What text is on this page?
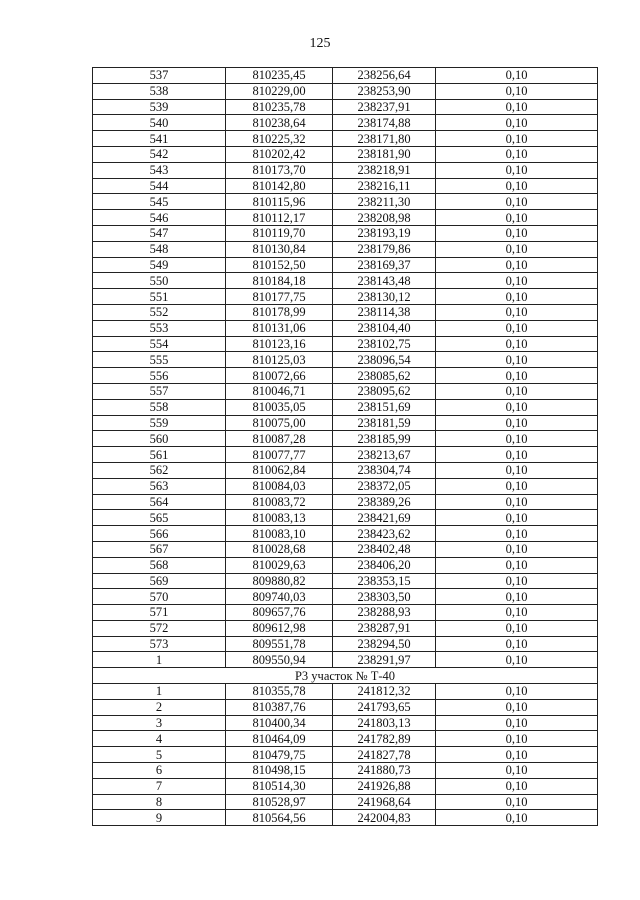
125
537	810235,45	238256,64	0,10
538	810229,00	238253,90	0,10
539	810235,78	238237,91	0,10
540	810238,64	238174,88	0,10
541	810225,32	238171,80	0,10
542	810202,42	238181,90	0,10
543	810173,70	238218,91	0,10
544	810142,80	238216,11	0,10
545	810115,96	238211,30	0,10
546	810112,17	238208,98	0,10
547	810119,70	238193,19	0,10
548	810130,84	238179,86	0,10
549	810152,50	238169,37	0,10
550	810184,18	238143,48	0,10
551	810177,75	238130,12	0,10
552	810178,99	238114,38	0,10
553	810131,06	238104,40	0,10
554	810123,16	238102,75	0,10
555	810125,03	238096,54	0,10
556	810072,66	238085,62	0,10
557	810046,71	238095,62	0,10
558	810035,05	238151,69	0,10
559	810075,00	238181,59	0,10
560	810087,28	238185,99	0,10
561	810077,77	238213,67	0,10
562	810062,84	238304,74	0,10
563	810084,03	238372,05	0,10
564	810083,72	238389,26	0,10
565	810083,13	238421,69	0,10
566	810083,10	238423,62	0,10
567	810028,68	238402,48	0,10
568	810029,63	238406,20	0,10
569	809880,82	238353,15	0,10
570	809740,03	238303,50	0,10
571	809657,76	238288,93	0,10
572	809612,98	238287,91	0,10
573	809551,78	238294,50	0,10
1	809550,94	238291,97	0,10
Р3 участок № Т-40			
1	810355,78	241812,32	0,10
2	810387,76	241793,65	0,10
3	810400,34	241803,13	0,10
4	810464,09	241782,89	0,10
5	810479,75	241827,78	0,10
6	810498,15	241880,73	0,10
7	810514,30	241926,88	0,10
8	810528,97	241968,64	0,10
9	810564,56	242004,83	0,10
